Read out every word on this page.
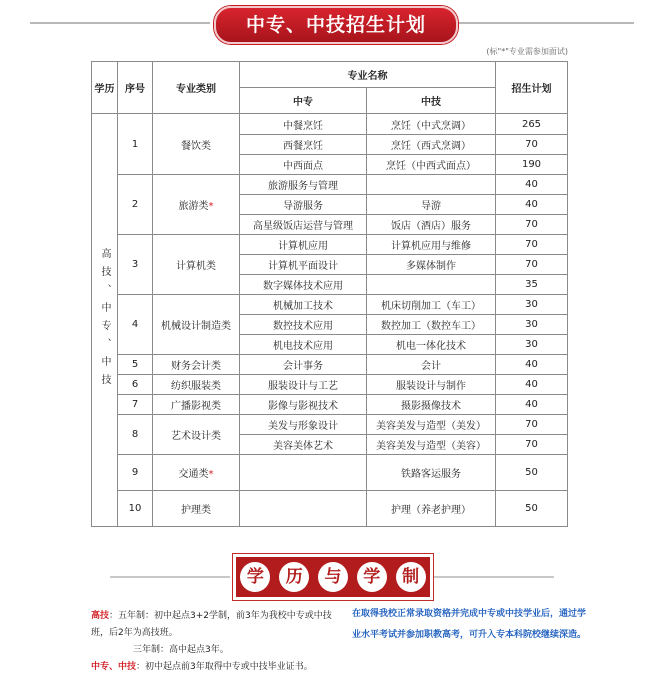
中专、中技招生计划
(标"*"专业需参加面试)
学历	序号	专业类别	专业名称		招生计划
			中专	中技	
高技、中专、中技	1	餐饮类	中餐烹饪	烹饪（中式烹调）	265
			西餐烹饪	烹饪（西式烹调）	70
			中西面点	烹饪（中西式面点）	190
	2	旅游类*	旅游服务与管理		40
			导游服务	导游	40
			高星级饭店运营与管理	饭店（酒店）服务	70
	3	计算机类	计算机应用	计算机应用与维修	70
			计算机平面设计	多媒体制作	70
			数字媒体技术应用		35
	4	机械设计制造类	机械加工技术	机床切削加工（车工）	30
			数控技术应用	数控加工（数控车工）	30
			机电技术应用	机电一体化技术	30
	5	财务会计类	会计事务	会计	40
	6	纺织服装类	服装设计与工艺	服装设计与制作	40
	7	广播影视类	影像与影视技术	摄影摄像技术	40
	8	艺术设计类	美发与形象设计	美容美发与造型（美发）	70
			美容美体艺术	美容美发与造型（美容）	70
	9	交通类*		铁路客运服务	50
	10	护理类		护理（养老护理）	50
学	历	与	学	制
高技：五年制：初中起点3+2学制，前3年为我校中专或中技班，后2年为高技班。
三年制：高中起点3年。
中专、中技：初中起点前3年取得中专或中技毕业证书。
在取得我校正常录取资格并完成中专或中技学业后，通过学业水平考试并参加职教高考，可升入专本科院校继续深造。
